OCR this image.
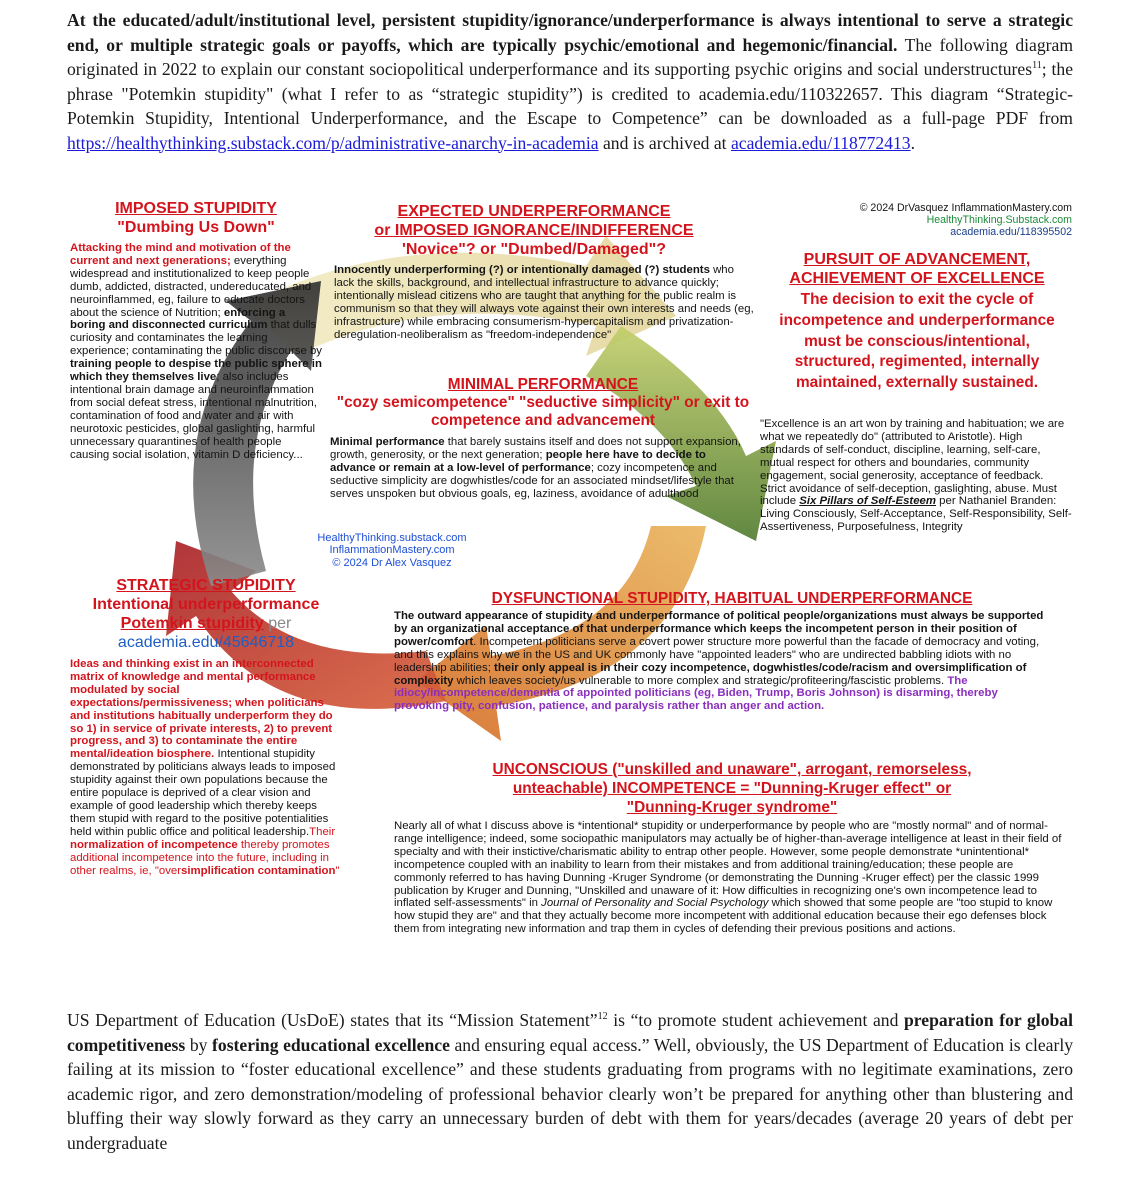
At the educated/adult/institutional level, persistent stupidity/ignorance/underperformance is always intentional to serve a strategic end, or multiple strategic goals or payoffs, which are typically psychic/emotional and hegemonic/financial. The following diagram originated in 2022 to explain our constant sociopolitical underperformance and its supporting psychic origins and social understructures$^{11}$; the phrase "Potemkin stupidity" (what I refer to as “strategic stupidity”) is credited to academia.edu/110322657. This diagram “Strategic-Potemkin Stupidity, Intentional Underperformance, and the Escape to Competence” can be downloaded as a full-page PDF from https://healthythinking.substack.com/p/administrative-anarchy-in-academia and is archived at academia.edu/118772413.
IMPOSED STUPIDITY
"Dumbing Us Down"
Attacking the mind and motivation of the current and next generations; everything widespread and institutionalized to keep people dumb, addicted, distracted, undereducated, and neuroinflammed, eg, failure to educate doctors about the science of Nutrition; enforcing a boring and disconnected curriculum that dulls curiosity and contaminates the learning experience; contaminating the public discourse by training people to despise the public sphere in which they themselves live; also includes intentional brain damage and neuroinflammation from social defeat stress, intentional malnutrition, contamination of food and water and air with neurotoxic pesticides, global gaslighting, harmful unnecessary quarantines of health people causing social isolation, vitamin D deficiency...
EXPECTED UNDERPERFORMANCE
or IMPOSED IGNORANCE/INDIFFERENCE
'Novice"? or "Dumbed/Damaged"?
Innocently underperforming (?) or intentionally damaged (?) students who lack the skills, background, and intellectual infrastructure to advance quickly; intentionally mislead citizens who are taught that anything for the public realm is communism so that they will always vote against their own interests and needs (eg, infrastructure) while embracing consumerism-hypercapitalism and privatization-deregulation-neoliberalism as "freedom-independence"
© 2024 DrVasquez InflammationMastery.com
HealthyThinking.Substack.com
academia.edu/118395502
PURSUIT OF ADVANCEMENT,
ACHIEVEMENT OF EXCELLENCE
The decision to exit the cycle of incompetence and underperformance must be conscious/intentional, structured, regimented, internally maintained, externally sustained.
"Excellence is an art won by training and habituation; we are what we repeatedly do" (attributed to Aristotle). High standards of self-conduct, discipline, learning, self-care, mutual respect for others and boundaries, community engagement, social generosity, acceptance of feedback. Strict avoidance of self-deception, gaslighting, abuse. Must include Six Pillars of Self-Esteem per Nathaniel Branden: Living Consciously, Self-Acceptance, Self-Responsibility, Self-Assertiveness, Purposefulness, Integrity
MINIMAL PERFORMANCE
"cozy semicompetence" "seductive simplicity" or exit to competence and advancement
Minimal performance that barely sustains itself and does not support expansion, growth, generosity, or the next generation; people here have to decide to advance or remain at a low-level of performance; cozy incompetence and seductive simplicity are dogwhistles/code for an associated mindset/lifestyle that serves unspoken but obvious goals, eg, laziness, avoidance of adulthood
HealthyThinking.substack.com
InflammationMastery.com
© 2024 Dr Alex Vasquez
STRATEGIC STUPIDITY
Intentional underperformance
Potemkin stupidity per
academia.edu/45646718
Ideas and thinking exist in an interconnected matrix of knowledge and mental performance modulated by social expectations/permissiveness; when politicians and institutions habitually underperform they do so 1) in service of private interests, 2) to prevent progress, and 3) to contaminate the entire mental/ideation biosphere. Intentional stupidity demonstrated by politicians always leads to imposed stupidity against their own populations because the entire populace is deprived of a clear vision and example of good leadership which thereby keeps them stupid with regard to the positive potentialities held within public office and political leadership.Their normalization of incompetence thereby promotes additional incompetence into the future, including in other realms, ie, "oversimplification contamination"
DYSFUNCTIONAL STUPIDITY, HABITUAL UNDERPERFORMANCE
The outward appearance of stupidity and underperformance of political people/organizations must always be supported by an organizational acceptance of that underperformance which keeps the incompetent person in their position of power/comfort. Incompetent politicians serve a covert power structure more powerful than the facade of democracy and voting, and this explains why we in the US and UK commonly have "appointed leaders" who are undirected babbling idiots with no leadership abilities; their only appeal is in their cozy incompetence, dogwhistles/code/racism and oversimplification of complexity which leaves society/us vulnerable to more complex and strategic/profiteering/fascistic problems. The idiocy/incompetence/dementia of appointed politicians (eg, Biden, Trump, Boris Johnson) is disarming, thereby provoking pity, confusion, patience, and paralysis rather than anger and action.
UNCONSCIOUS ("unskilled and unaware", arrogant, remorseless,
unteachable) INCOMPETENCE = "Dunning-Kruger effect" or
"Dunning-Kruger syndrome"
Nearly all of what I discuss above is *intentional* stupidity or underperformance by people who are "mostly normal" and of normal-range intelligence; indeed, some sociopathic manipulators may actually be of higher-than-average intelligence at least in their field of specialty and with their instictive/charismatic ability to entrap other people. However, some people demonstrate *unintentional* incompetence coupled with an inability to learn from their mistakes and from additional training/education; these people are commonly referred to has having Dunning -Kruger Syndrome (or demonstrating the Dunning -Kruger effect) per the classic 1999 publication by Kruger and Dunning, "Unskilled and unaware of it: How difficulties in recognizing one's own incompetence lead to inflated self-assessments" in Journal of Personality and Social Psychology which showed that some people are "too stupid to know how stupid they are" and that they actually become more incompetent with additional education because their ego defenses block them from integrating new information and trap them in cycles of defending their previous positions and actions.
US Department of Education (UsDoE) states that its “Mission Statement”$^{12}$ is “to promote student achievement and preparation for global competitiveness by fostering educational excellence and ensuring equal access.” Well, obviously, the US Department of Education is clearly failing at its mission to “foster educational excellence” and these students graduating from programs with no legitimate examinations, zero academic rigor, and zero demonstration/modeling of professional behavior clearly won’t be prepared for anything other than blustering and bluffing their way slowly forward as they carry an unnecessary burden of debt with them for years/decades (average 20 years of debt per undergraduate
